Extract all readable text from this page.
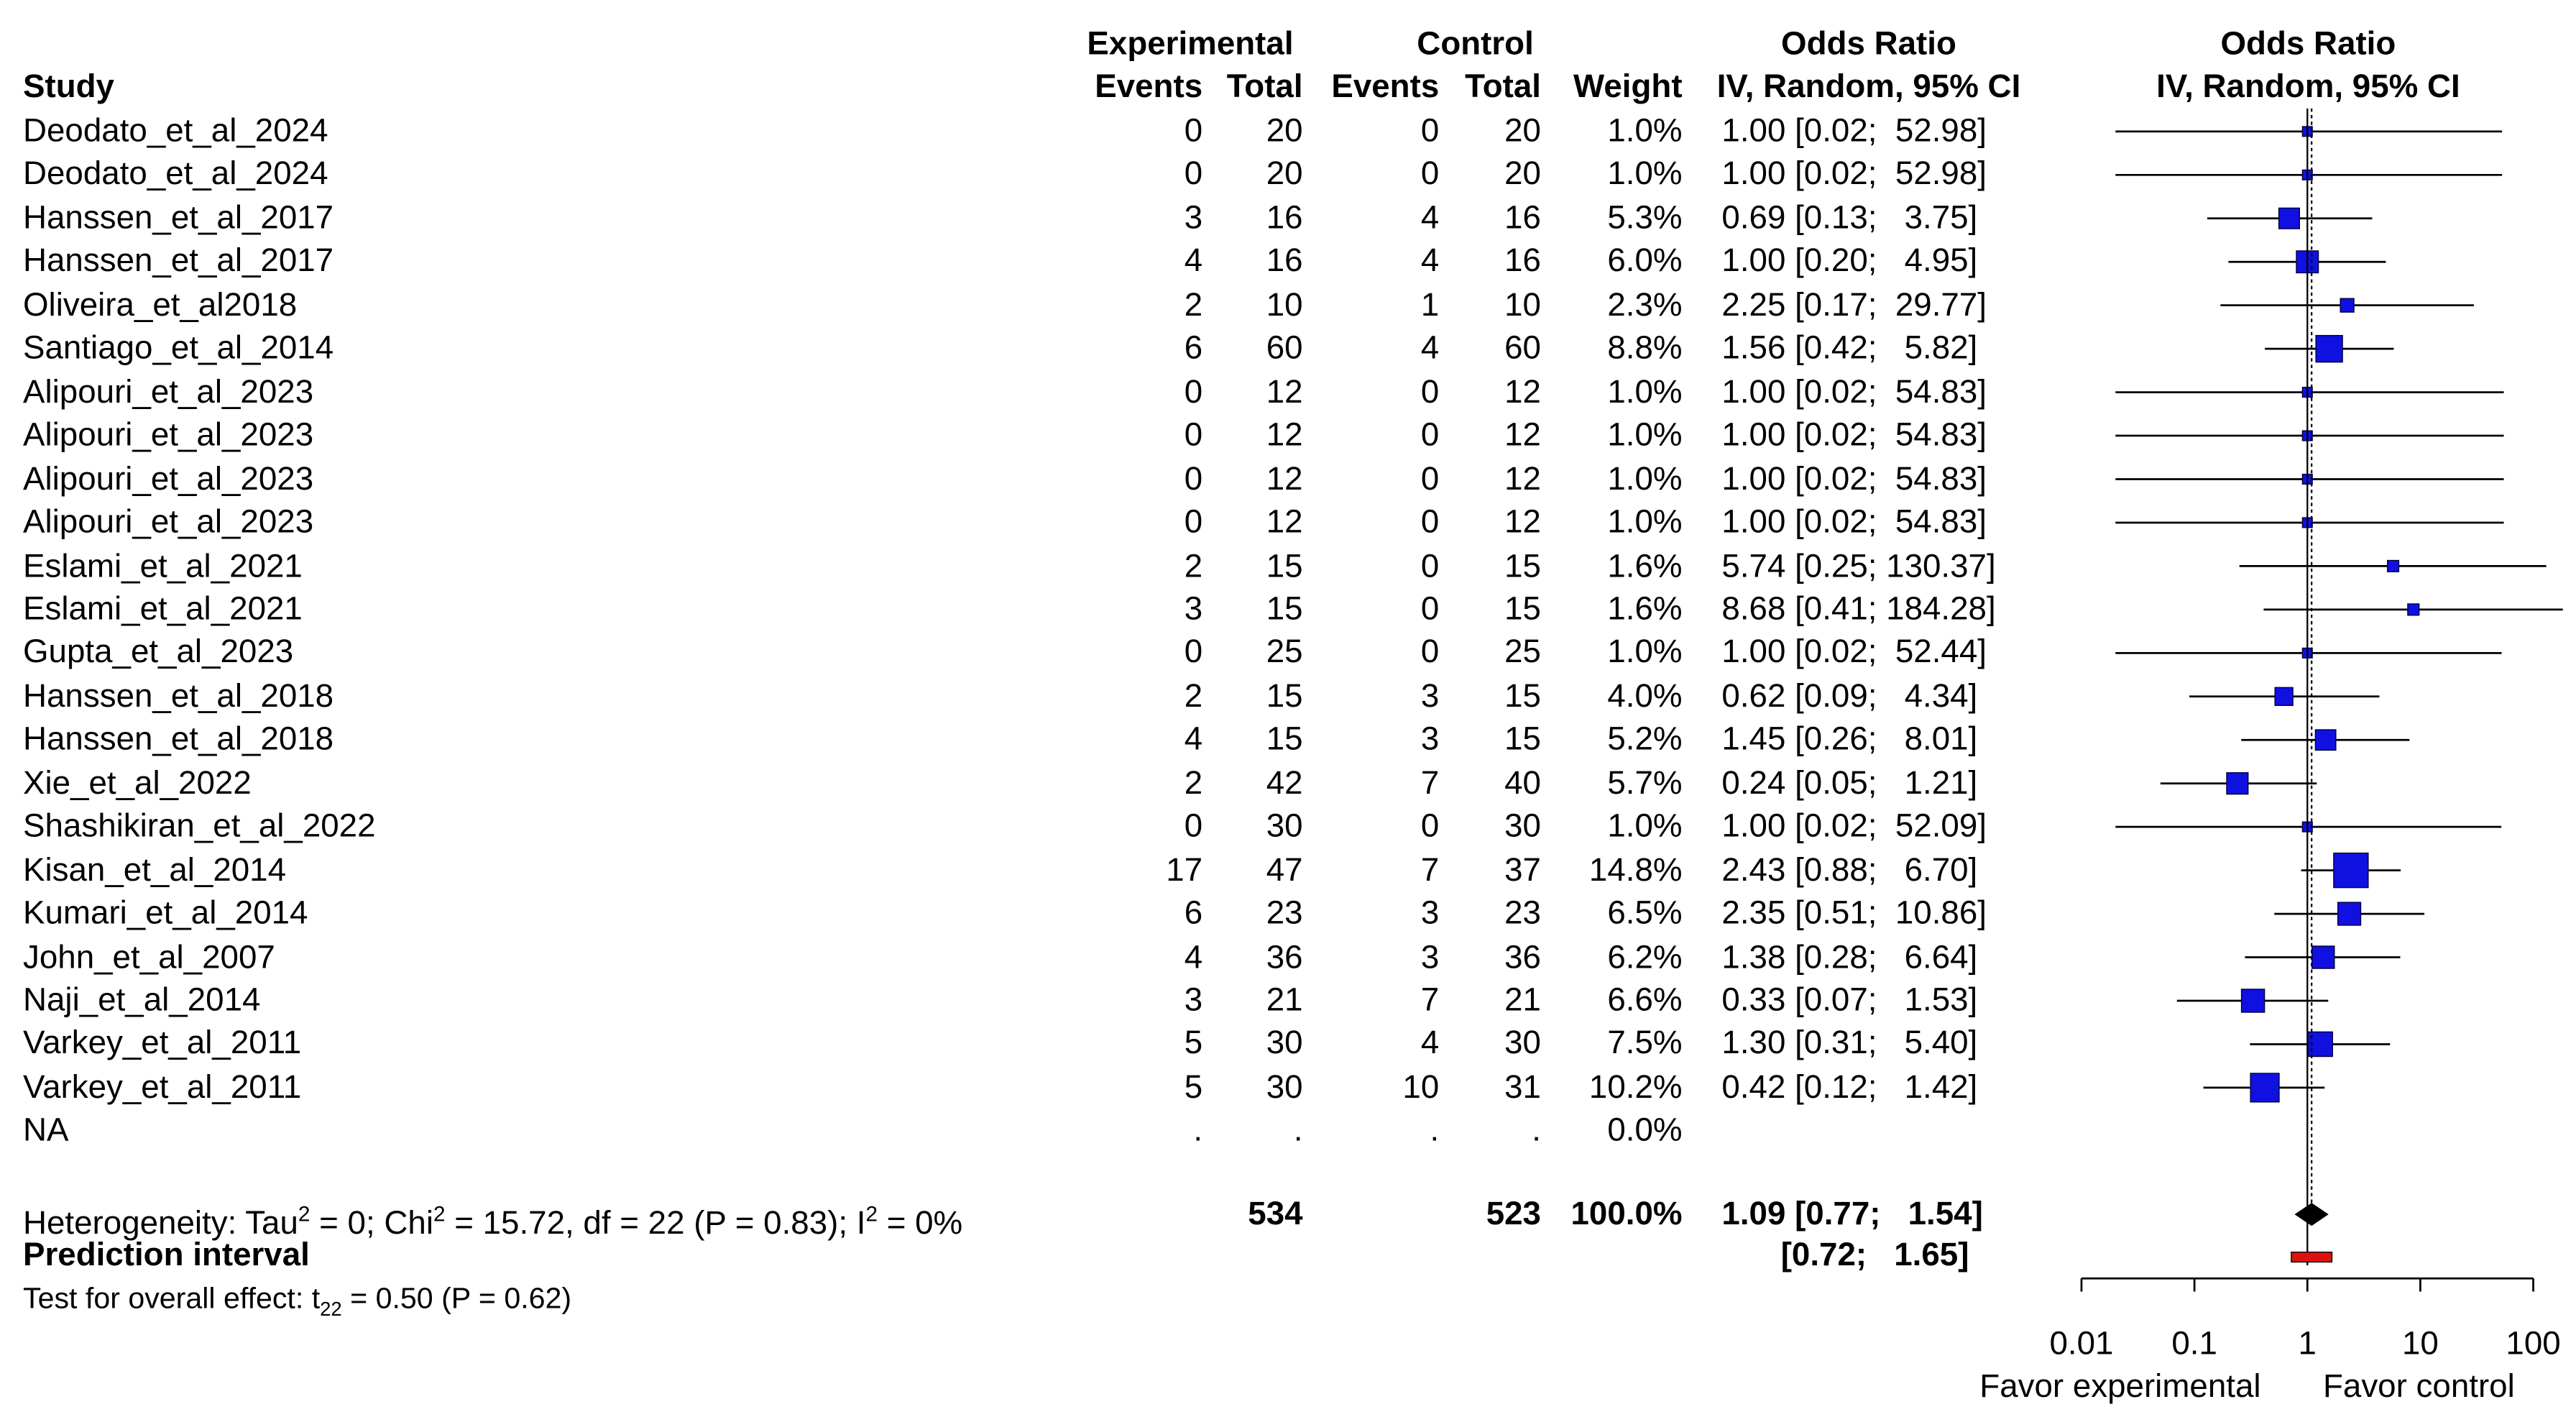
Experimental	Control	Odds Ratio	Odds Ratio
Study	Events	Total	Events	Total	Weight	IV, Random, 95% CI	IV, Random, 95% CI
Deodato_et_al_2024	0	20	0	20	1.0%	1.00 [0.02;  52.98]
Deodato_et_al_2024	0	20	0	20	1.0%	1.00 [0.02;  52.98]
Hanssen_et_al_2017	3	16	4	16	5.3%	0.69 [0.13;   3.75]
Hanssen_et_al_2017	4	16	4	16	6.0%	1.00 [0.20;   4.95]
Oliveira_et_al2018	2	10	1	10	2.3%	2.25 [0.17;  29.77]
Santiago_et_al_2014	6	60	4	60	8.8%	1.56 [0.42;   5.82]
Alipouri_et_al_2023	0	12	0	12	1.0%	1.00 [0.02;  54.83]
Alipouri_et_al_2023	0	12	0	12	1.0%	1.00 [0.02;  54.83]
Alipouri_et_al_2023	0	12	0	12	1.0%	1.00 [0.02;  54.83]
Alipouri_et_al_2023	0	12	0	12	1.0%	1.00 [0.02;  54.83]
Eslami_et_al_2021	2	15	0	15	1.6%	5.74 [0.25; 130.37]
Eslami_et_al_2021	3	15	0	15	1.6%	8.68 [0.41; 184.28]
Gupta_et_al_2023	0	25	0	25	1.0%	1.00 [0.02;  52.44]
Hanssen_et_al_2018	2	15	3	15	4.0%	0.62 [0.09;   4.34]
Hanssen_et_al_2018	4	15	3	15	5.2%	1.45 [0.26;   8.01]
Xie_et_al_2022	2	42	7	40	5.7%	0.24 [0.05;   1.21]
Shashikiran_et_al_2022	0	30	0	30	1.0%	1.00 [0.02;  52.09]
Kisan_et_al_2014	17	47	7	37	14.8%	2.43 [0.88;   6.70]
Kumari_et_al_2014	6	23	3	23	6.5%	2.35 [0.51;  10.86]
John_et_al_2007	4	36	3	36	6.2%	1.38 [0.28;   6.64]
Naji_et_al_2014	3	21	7	21	6.6%	0.33 [0.07;   1.53]
Varkey_et_al_2011	5	30	4	30	7.5%	1.30 [0.31;   5.40]
Varkey_et_al_2011	5	30	10	31	10.2%	0.42 [0.12;   1.42]
NA	.	.	.	.	0.0%
Heterogeneity: Tau$^2$ = 0; Chi$^2$ = 15.72, df = 22 (P = 0.83); $I^2 = 0\%$	534	523	100.0%	1.09 [0.77;   1.54]
Prediction interval	[0.72;   1.65]
Test for overall effect: $t_{22} = 0.50$ (P = 0.62)
0.01	0.1	1	10	100
Favor experimental	Favor control
